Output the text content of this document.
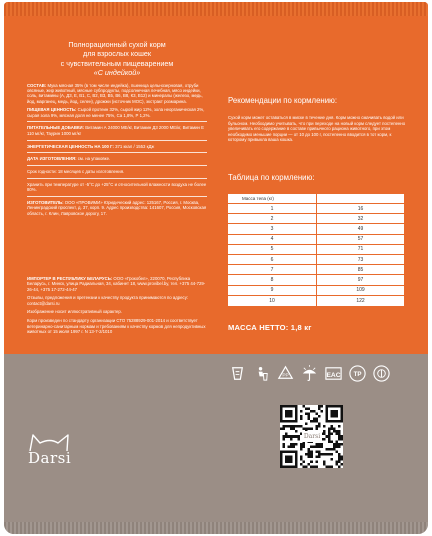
Полнорационный сухой корм
для взрослых кошек
с чувствительным пищеварением
«С индейкой»
СОСТАВ: Мука мясная 35% (в том числе индейка), пшеница цельнозерновая, отруби овсяные, жир животный, мясные субпродукты, подсолнечная лечебная, мясо индейки, соль, витамины (А, Д3, Е, В1, С, В2, В3, В5, В6, В8, К3, В12) и минералы (железо, медь, йод, марганец, медь, йод, селен), дрожжи (источник МОС), экстракт розмарина.
ПИЩЕВАЯ ЦЕННОСТЬ: Сырой протеин 32%, сырой жир 12%, зола неорганическая 2%, сырая зола 9%, мясная доля не менее 75%, Са 1,8%, Р 1,2%.
ПИТАТЕЛЬНЫЕ ДОБАВКИ: Витамин А 24000 МЕ/кг, Витамин Д3 2000 МЕ/кг, Витамин Е 110 мг/кг, Таурин 1000 мг/кг
ЭНЕРГЕТИЧЕСКАЯ ЦЕННОСТЬ НА 100 Г: 371 ккал / 1553 кДж
ДАТА ИЗГОТОВЛЕНИЯ: см. на упаковке.
Срок годности: 18 месяцев с даты изготовления.
Хранить при температуре от -5°С до +25°С и относительной влажности воздуха не более 80%.
ИЗГОТОВИТЕЛЬ: ООО «ПРОВИМИ» Юридический адрес: 125167, Россия, г. Москва, Ленинградский проспект, д. 37, корп. 9. Адрес производства: 141607, Россия, Московская область, г. Клин, Лавровское дорогу, 17.
ИМПОРТЕР В РЕСПУБЛИКУ БЕЛАРУСЬ: ООО «Грокобел», 220070, Республика Беларусь, г. Минск, улица Радиальная, 34, кабинет 18, www.provibel.by, тел. +375 44-729-26-44, +375 17-272-44-47
Отзывы, предложения и претензии к качеству продукта принимаются по адресу: contact@darsi.ru
Изображение носит иллюстративный характер.
Корм произведен по стандарту организации СТО 75288929-001-2014 и соответствует ветеринарно-санитарным нормам и требованиям к качеству кормов для непродуктивных животных от 15 июля 1997 г. N 13-7-2/1010
Рекомендации по кормлению:
Сухой корм может оставаться в миске в течение дня. Корм можно смачивать водой или бульоном. Необходимо учитывать, что при переходе на новый корм следует постепенно увеличивать его содержание в составе привычного рациона животного, при этом необходимо меньшие порции — от 10 до 100 г, постепенно вводится в тот корм, к которому привыкла ваша кошка.
Таблица по кормлению:
Масса тела (кг)
1	16
2	32
3	49
4	57
5	71
6	73
7	85
8	97
9	109
10	122
МАССА НЕТТО: 1,8 кг
PP	EAC TP
Darsi
Darsi
